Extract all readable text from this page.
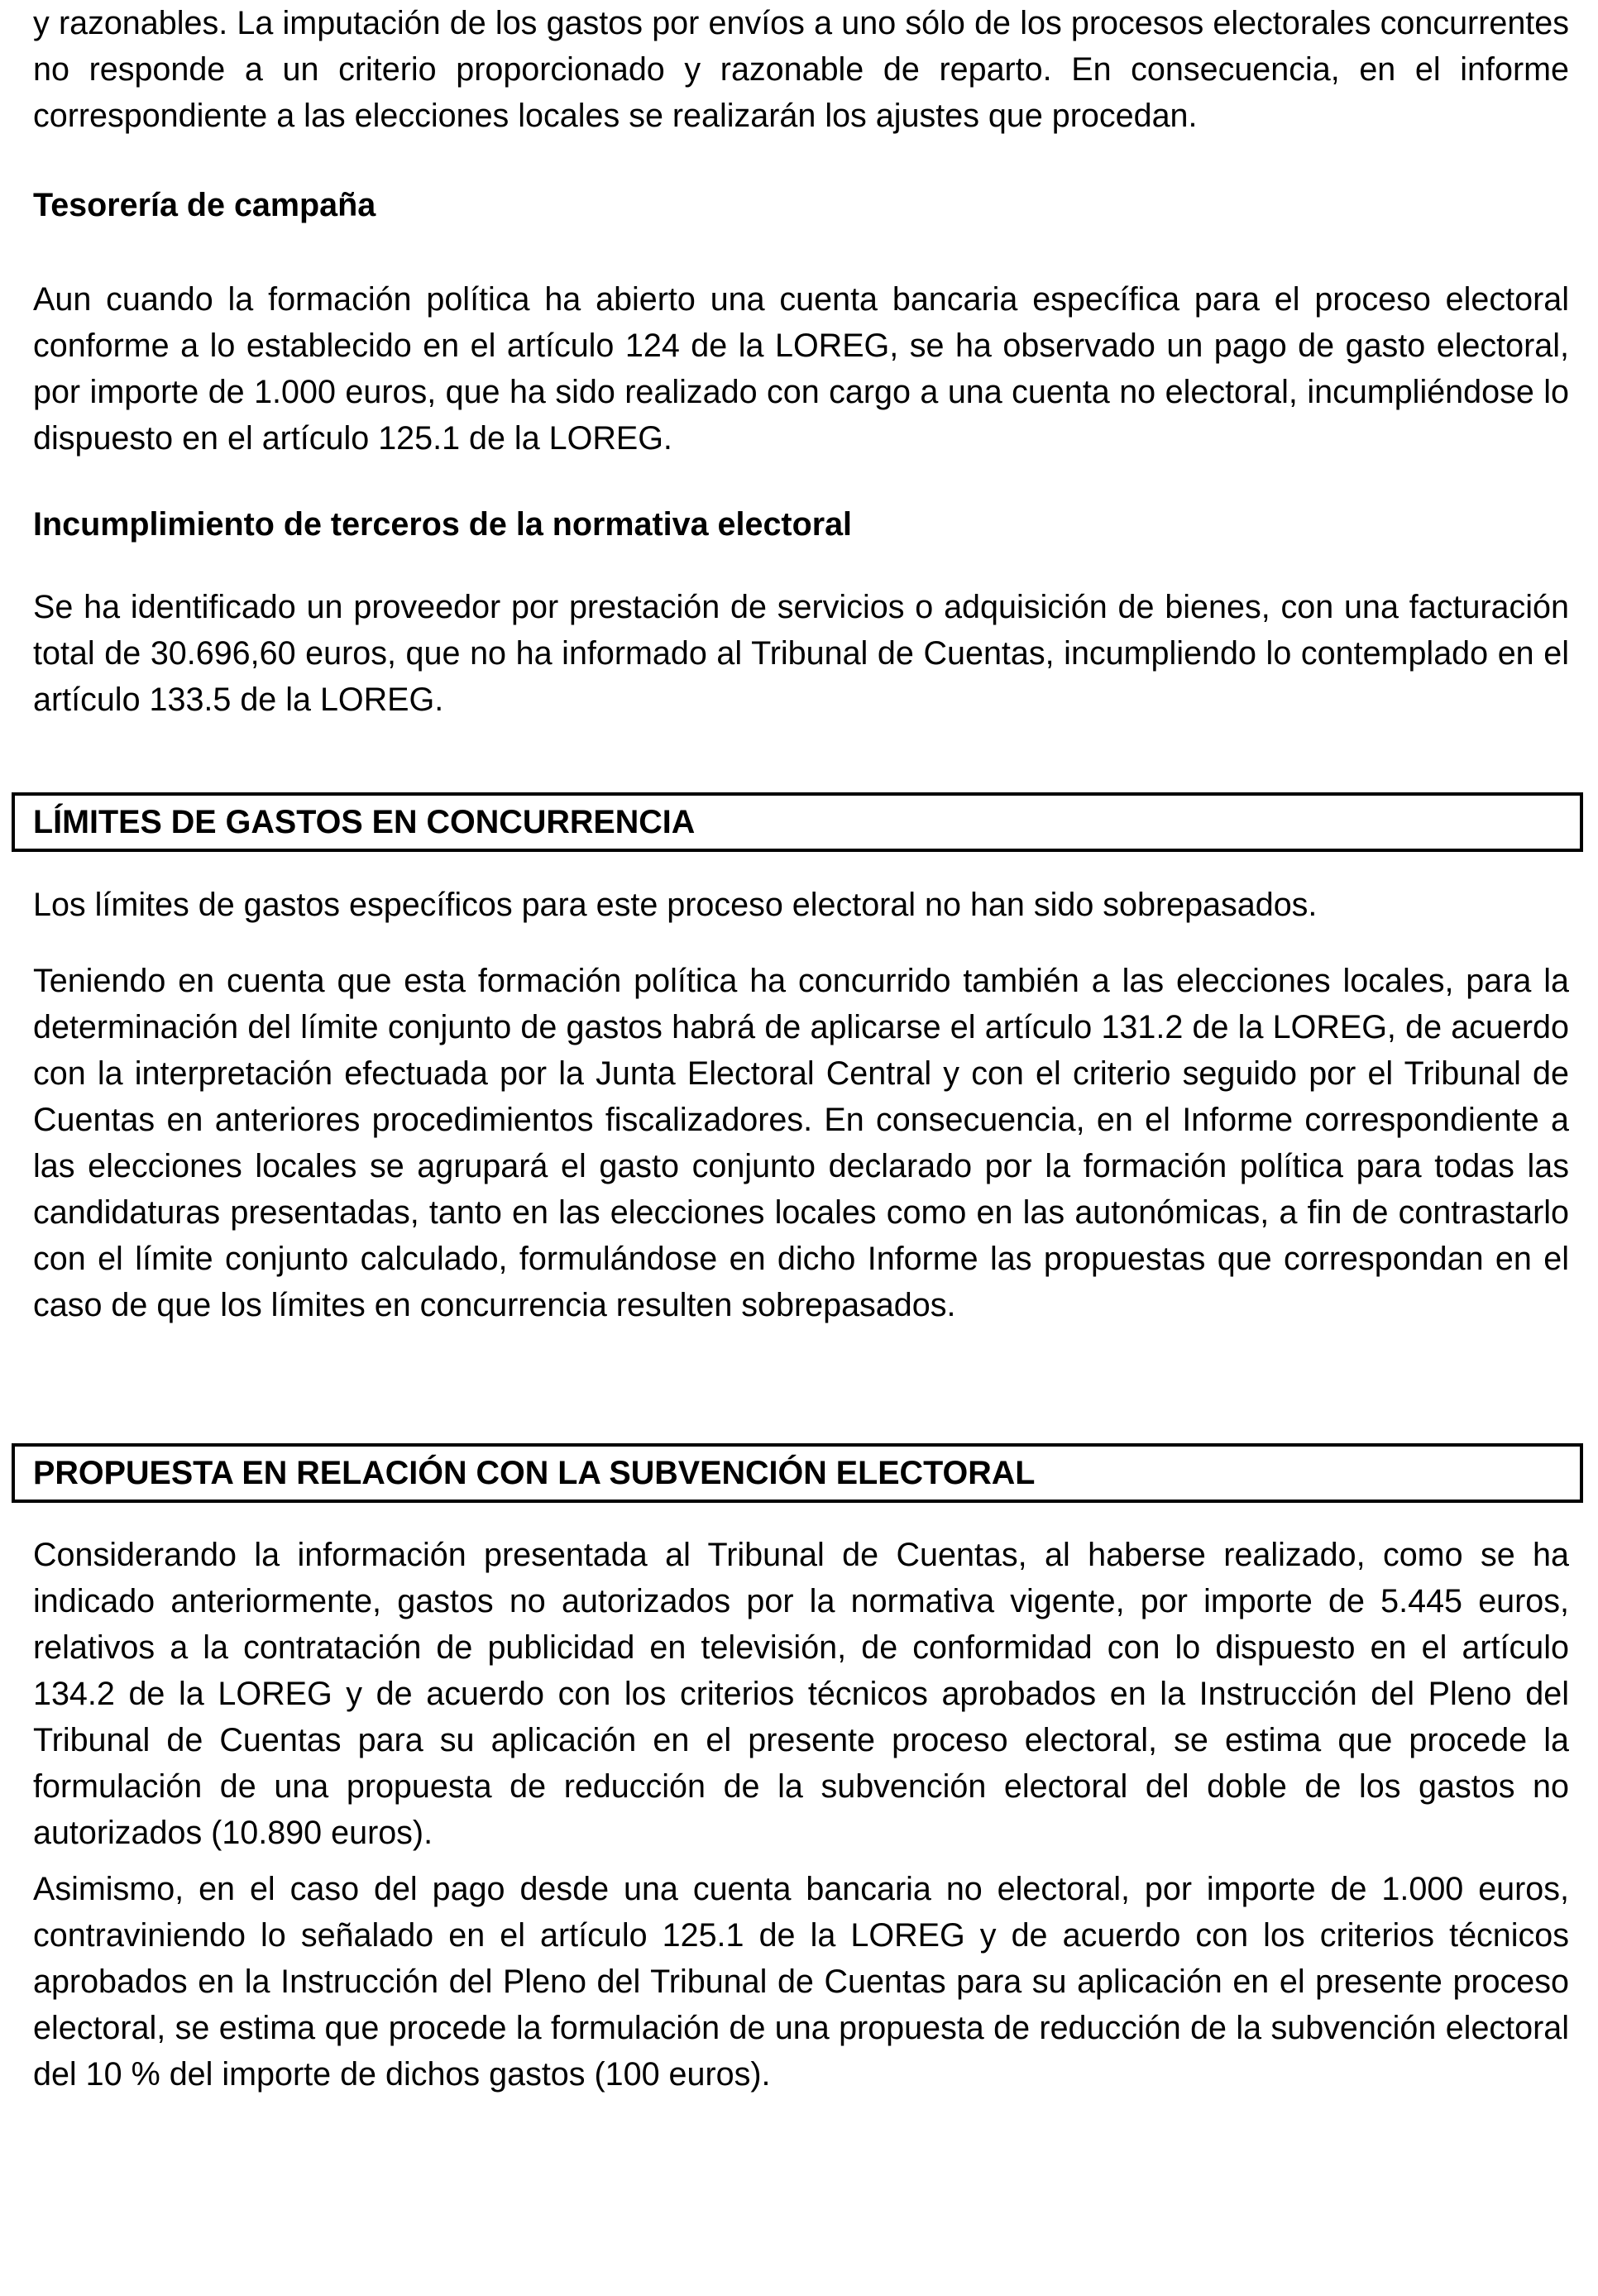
y razonables. La imputación de los gastos por envíos a uno sólo de los procesos electorales concurrentes no responde a un criterio proporcionado y razonable de reparto. En consecuencia, en el informe correspondiente a las elecciones locales se realizarán los ajustes que procedan.

Tesorería de campaña

Aun cuando la formación política ha abierto una cuenta bancaria específica para el proceso electoral conforme a lo establecido en el artículo 124 de la LOREG, se ha observado un pago de gasto electoral, por importe de 1.000 euros, que ha sido realizado con cargo a una cuenta no electoral, incumpliéndose lo dispuesto en el artículo 125.1 de la LOREG.

Incumplimiento de terceros de la normativa electoral

Se ha identificado un proveedor por prestación de servicios o adquisición de bienes, con una facturación total de 30.696,60 euros, que no ha informado al Tribunal de Cuentas, incumpliendo lo contemplado en el artículo 133.5 de la LOREG.

LÍMITES DE GASTOS EN CONCURRENCIA

Los límites de gastos específicos para este proceso electoral no han sido sobrepasados.

Teniendo en cuenta que esta formación política ha concurrido también a las elecciones locales, para la determinación del límite conjunto de gastos habrá de aplicarse el artículo 131.2 de la LOREG, de acuerdo con la interpretación efectuada por la Junta Electoral Central y con el criterio seguido por el Tribunal de Cuentas en anteriores procedimientos fiscalizadores. En consecuencia, en el Informe correspondiente a las elecciones locales se agrupará el gasto conjunto declarado por la formación política para todas las candidaturas presentadas, tanto en las elecciones locales como en las autonómicas, a fin de contrastarlo con el límite conjunto calculado, formulándose en dicho Informe las propuestas que correspondan en el caso de que los límites en concurrencia resulten sobrepasados.

PROPUESTA EN RELACIÓN CON LA SUBVENCIÓN ELECTORAL

Considerando la información presentada al Tribunal de Cuentas, al haberse realizado, como se ha indicado anteriormente, gastos no autorizados por la normativa vigente, por importe de 5.445 euros, relativos a la contratación de publicidad en televisión, de conformidad con lo dispuesto en el artículo 134.2 de la LOREG y de acuerdo con los criterios técnicos aprobados en la Instrucción del Pleno del Tribunal de Cuentas para su aplicación en el presente proceso electoral, se estima que procede la formulación de una propuesta de reducción de la subvención electoral del doble de los gastos no autorizados (10.890 euros).

Asimismo, en el caso del pago desde una cuenta bancaria no electoral, por importe de 1.000 euros, contraviniendo lo señalado en el artículo 125.1 de la LOREG y de acuerdo con los criterios técnicos aprobados en la Instrucción del Pleno del Tribunal de Cuentas para su aplicación en el presente proceso electoral, se estima que procede la formulación de una propuesta de reducción de la subvención electoral del 10 % del importe de dichos gastos (100 euros).
